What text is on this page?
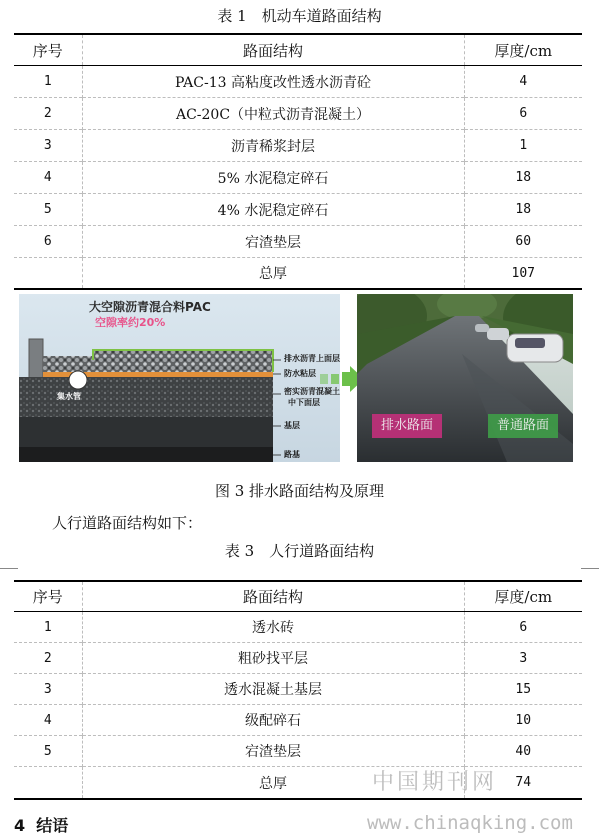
表 1　机动车道路面结构
序号	路面结构	厚度/cm
1	PAC-13 高粘度改性透水沥青砼	4
2	AC-20C（中粒式沥青混凝土）	6
3	沥青稀浆封层	1
4	5% 水泥稳定碎石	18
5	4% 水泥稳定碎石	18
6	宕渣垫层	60
	总厚	107
大空隙沥青混合料PAC
空隙率约20%
排水沥青上面层
防水粘层
密实沥青混凝土
中下面层
基层
路基
集水管
排水路面	普通路面
图 3 排水路面结构及原理
人行道路面结构如下：
表 3　人行道路面结构
序号	路面结构	厚度/cm
1	透水砖	6
2	粗砂找平层	3
3	透水混凝土基层	15
4	级配碎石	10
5	宕渣垫层	40
	总厚	74
中国期刊网
4 结语	www.chinaqking.com
